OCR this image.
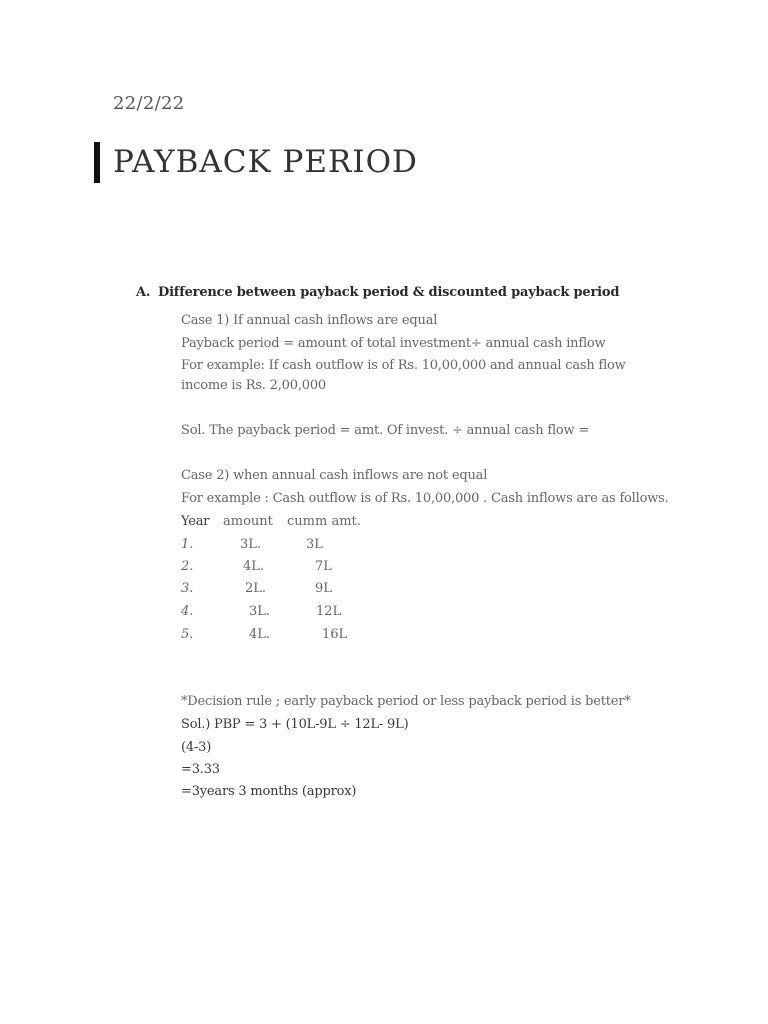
22/2/22
PAYBACK PERIOD
A. Difference between payback period & discounted payback period
Case 1) If annual cash inflows are equal
Payback period = amount of total investment÷ annual cash inflow
For example: If cash outflow is of Rs. 10,00,000 and annual cash flow income is Rs. 2,00,000
Sol. The payback period = amt. Of invest. ÷ annual cash flow =
Case 2) when annual cash inflows are not equal
For example : Cash outflow is of Rs. 10,00,000 . Cash inflows are as follows.
Year amount cumm amt.
1.	3L.	3L
2.	4L.	7L
3.	2L.	9L
4.	3L.	12L
5.	4L.	16L
*Decision rule ; early payback period or less payback period is better*
Sol.) PBP = 3 + (10L-9L ÷ 12L- 9L)
(4-3)
=3.33
=3years 3 months (approx)
